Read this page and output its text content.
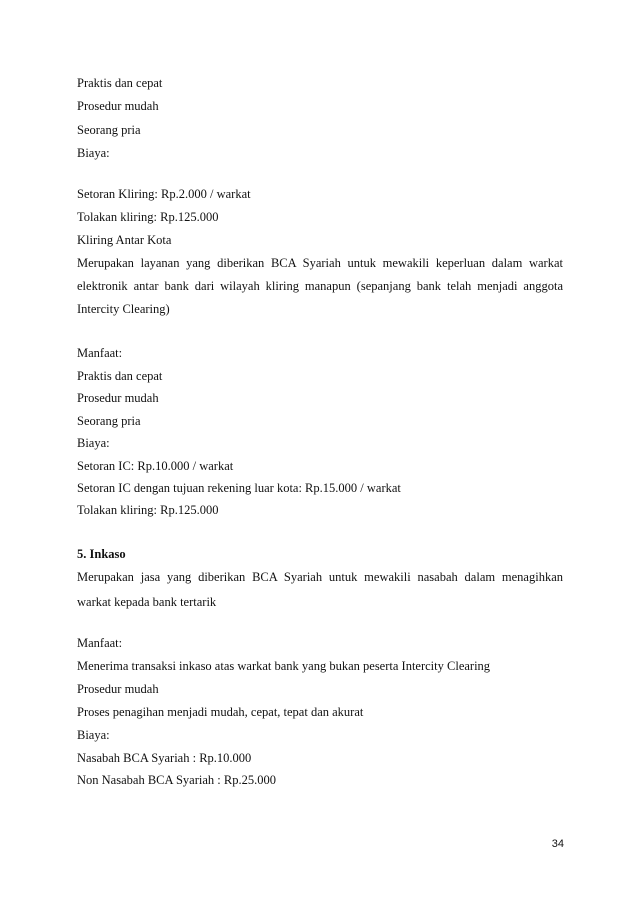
Praktis dan cepat
Prosedur mudah
Seorang pria
Biaya:
Setoran Kliring: Rp.2.000 / warkat
Tolakan kliring: Rp.125.000
Kliring Antar Kota
Merupakan layanan yang diberikan BCA Syariah untuk mewakili keperluan dalam warkat
elektronik antar bank dari wilayah kliring manapun (sepanjang bank telah menjadi anggota
Intercity Clearing)
Manfaat:
Praktis dan cepat
Prosedur mudah
Seorang pria
Biaya:
Setoran IC: Rp.10.000 / warkat
Setoran IC dengan tujuan rekening luar kota: Rp.15.000 / warkat
Tolakan kliring: Rp.125.000
5. Inkaso
Merupakan jasa yang diberikan BCA Syariah untuk mewakili nasabah dalam menagihkan
warkat kepada bank tertarik
Manfaat:
Menerima transaksi inkaso atas warkat bank yang bukan peserta Intercity Clearing
Prosedur mudah
Proses penagihan menjadi mudah, cepat, tepat dan akurat
Biaya:
Nasabah BCA Syariah : Rp.10.000
Non Nasabah BCA Syariah : Rp.25.000
34
